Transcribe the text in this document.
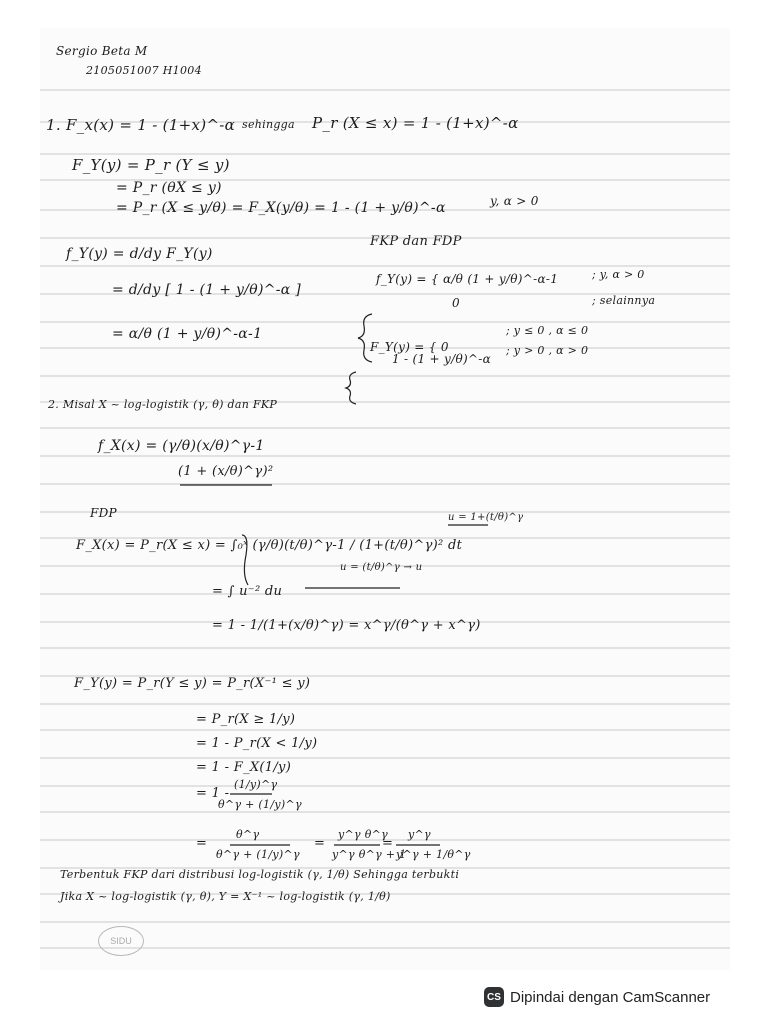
Sergio Beta M
2105051007 H1004
1. F_x(x) = 1 - (1+x)^-α sehingga P_r (X ≤ x) = 1 - (1+x)^-α
F_Y(y) = P_r (Y ≤ y)
= P_r (θX ≤ y)
= P_r (X ≤ y/θ) = F_X(y/θ) = 1 - (1 + y/θ)^-α	y, α > 0
f_Y(y) = d/dy F_Y(y)
= d/dy [ 1 - (1 + y/θ)^-α ]
= α/θ (1 + y/θ)^-α-1
FKP dan FDP
f_Y(y) = { α/θ (1 + y/θ)^-α-1	; y, α > 0
0	; selainnya
F_Y(y) = { 0
; y ≤ 0 , α ≤ 0
1 - (1 + y/θ)^-α
; y > 0 , α > 0
2. Misal X ~ log-logistik (γ, θ) dan FKP
f_X(x) = (γ/θ)(x/θ)^γ-1
(1 + (x/θ)^γ)²
FDP
F_X(x) = P_r(X ≤ x) = ∫₀ˣ (γ/θ)(t/θ)^γ-1 / (1+(t/θ)^γ)² dt
u = 1+(t/θ)^γ
u = (t/θ)^γ → u
= ∫ u⁻² du
= 1 - 1/(1+(x/θ)^γ) = x^γ/(θ^γ + x^γ)
F_Y(y) = P_r(Y ≤ y) = P_r(X⁻¹ ≤ y)
= P_r(X ≥ 1/y)
= 1 - P_r(X < 1/y)
= 1 - F_X(1/y)
= 1 -
(1/y)^γ
θ^γ + (1/y)^γ
=
θ^γ
θ^γ + (1/y)^γ
=
y^γ θ^γ
y^γ θ^γ + 1
=
y^γ
y^γ + 1/θ^γ
Terbentuk FKP dari distribusi log-logistik (γ, 1/θ) Sehingga terbukti
Jika X ~ log-logistik (γ, θ), Y = X⁻¹ ~ log-logistik (γ, 1/θ)
SIDU
CS Dipindai dengan CamScanner
